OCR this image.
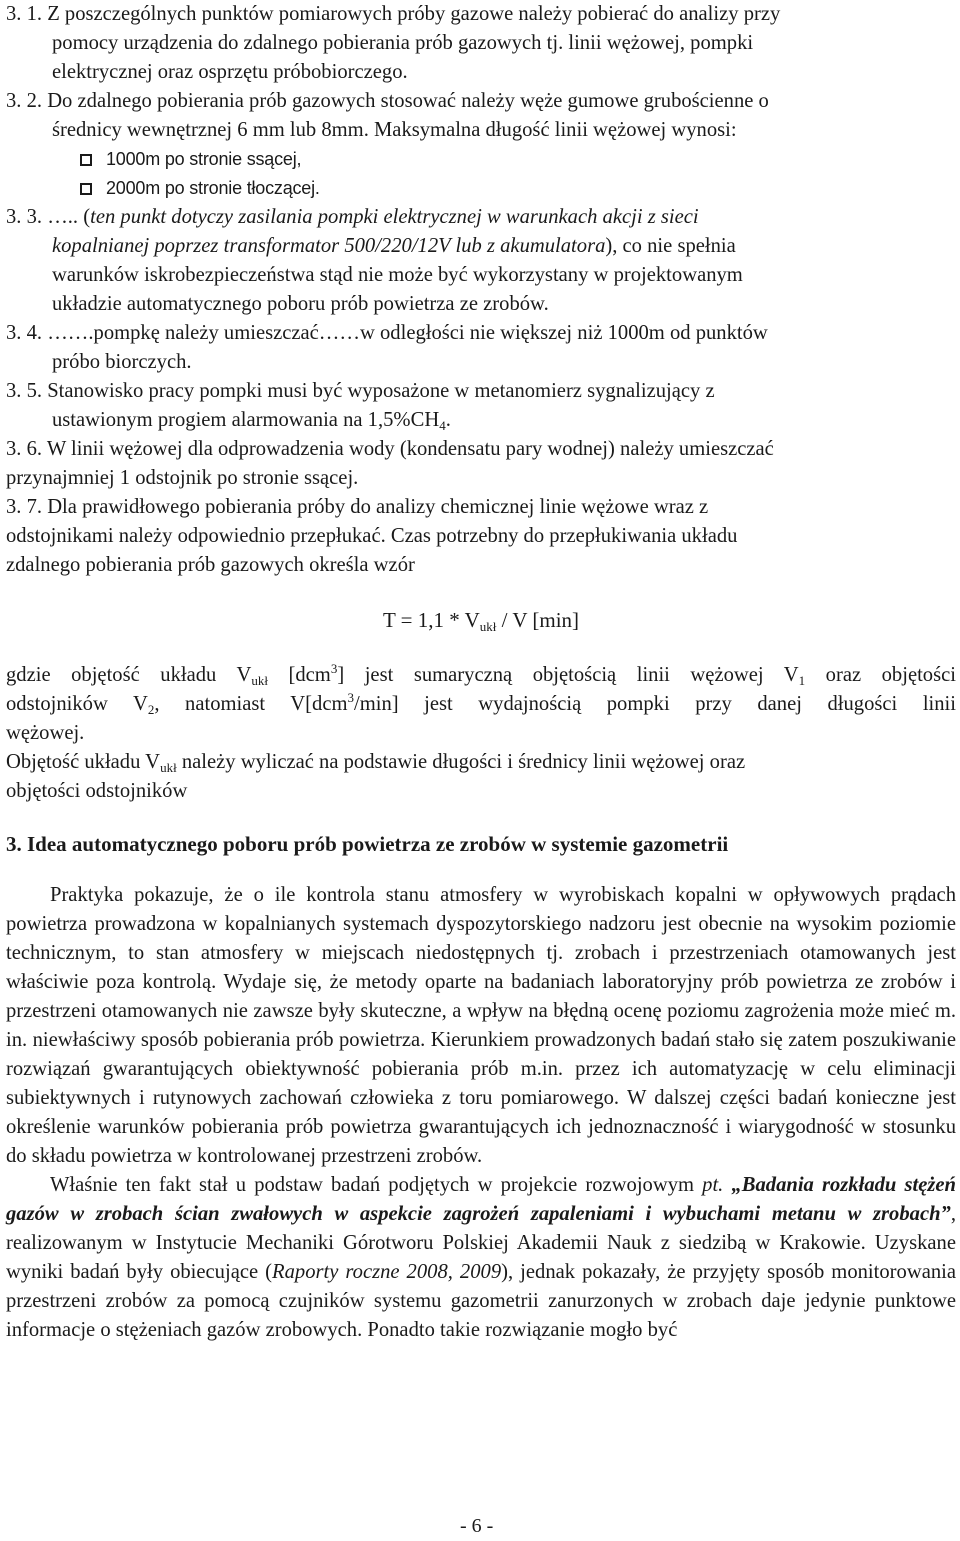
3. 1. Z poszczególnych punktów pomiarowych próby gazowe należy pobierać do analizy przy
pomocy urządzenia do zdalnego pobierania prób gazowych tj. linii wężowej, pompki
elektrycznej oraz osprzętu próbobiorczego.
3. 2. Do zdalnego pobierania prób gazowych stosować należy węże gumowe grubościenne o
średnicy wewnętrznej 6 mm lub 8mm. Maksymalna długość linii wężowej wynosi:
1000m po stronie ssącej,
2000m po stronie tłoczącej.
3. 3. ….. (ten punkt dotyczy zasilania pompki elektrycznej w warunkach akcji z sieci
kopalnianej poprzez transformator 500/220/12V lub z akumulatora), co nie spełnia
warunków iskrobezpieczeństwa stąd nie może być wykorzystany w projektowanym
układzie automatycznego poboru prób powietrza ze zrobów.
3. 4. …….pompkę należy umieszczać……w odległości nie większej niż 1000m od punktów
próbo biorczych.
3. 5. Stanowisko pracy pompki musi być wyposażone w metanomierz sygnalizujący z
ustawionym progiem alarmowania na $1,5\%CH_4$.
3. 6. W linii wężowej dla odprowadzenia wody (kondensatu pary wodnej) należy umieszczać
przynajmniej 1 odstojnik po stronie ssącej.
3. 7. Dla prawidłowego pobierania próby do analizy chemicznej linie wężowe wraz z
odstojnikami należy odpowiednio przepłukać. Czas potrzebny do przepłukiwania układu
zdalnego pobierania prób gazowych określa wzór
$T = 1,1 * V_{ukł} / V$ [min]
gdzie objętość układu $V_{ukł}$ [dcm$^3$] jest sumaryczną objętością linii wężowej $V_1$ oraz objętości
odstojników $V_2$, natomiast V[dcm$^3$/min] jest wydajnością pompki przy danej długości linii
wężowej.
Objętość układu $V_{ukł}$ należy wyliczać na podstawie długości i średnicy linii wężowej oraz
objętości odstojników
3. Idea automatycznego poboru prób powietrza ze zrobów w systemie gazometrii

Praktyka pokazuje, że o ile kontrola stanu atmosfery w wyrobiskach kopalni w opływowych prądach powietrza prowadzona w kopalnianych systemach dyspozytorskiego nadzoru jest obecnie na wysokim poziomie technicznym, to stan atmosfery w miejscach niedostępnych tj. zrobach i przestrzeniach otamowanych jest właściwie poza kontrolą. Wydaje się, że metody oparte na badaniach laboratoryjny prób powietrza ze zrobów i przestrzeni otamowanych nie zawsze były skuteczne, a wpływ na błędną ocenę poziomu zagrożenia może mieć m. in. niewłaściwy sposób pobierania prób powietrza. Kierunkiem prowadzonych badań stało się zatem poszukiwanie rozwiązań gwarantujących obiektywność pobierania prób m.in. przez ich automatyzację w celu eliminacji subiektywnych i rutynowych zachowań człowieka z toru pomiarowego. W dalszej części badań konieczne jest określenie warunków pobierania prób powietrza gwarantujących ich jednoznaczność i wiarygodność w stosunku do składu powietrza w kontrolowanej przestrzeni zrobów.

Właśnie ten fakt stał u podstaw badań podjętych w projekcie rozwojowym pt. „Badania rozkładu stężeń gazów w zrobach ścian zwałowych w aspekcie zagrożeń zapaleniami i wybuchami metanu w zrobach”, realizowanym w Instytucie Mechaniki Górotworu Polskiej Akademii Nauk z siedzibą w Krakowie. Uzyskane wyniki badań były obiecujące (Raporty roczne 2008, 2009), jednak pokazały, że przyjęty sposób monitorowania przestrzeni zrobów za pomocą czujników systemu gazometrii zanurzonych w zrobach daje jedynie punktowe informacje o stężeniach gazów zrobowych. Ponadto takie rozwiązanie mogło być

- 6 -
